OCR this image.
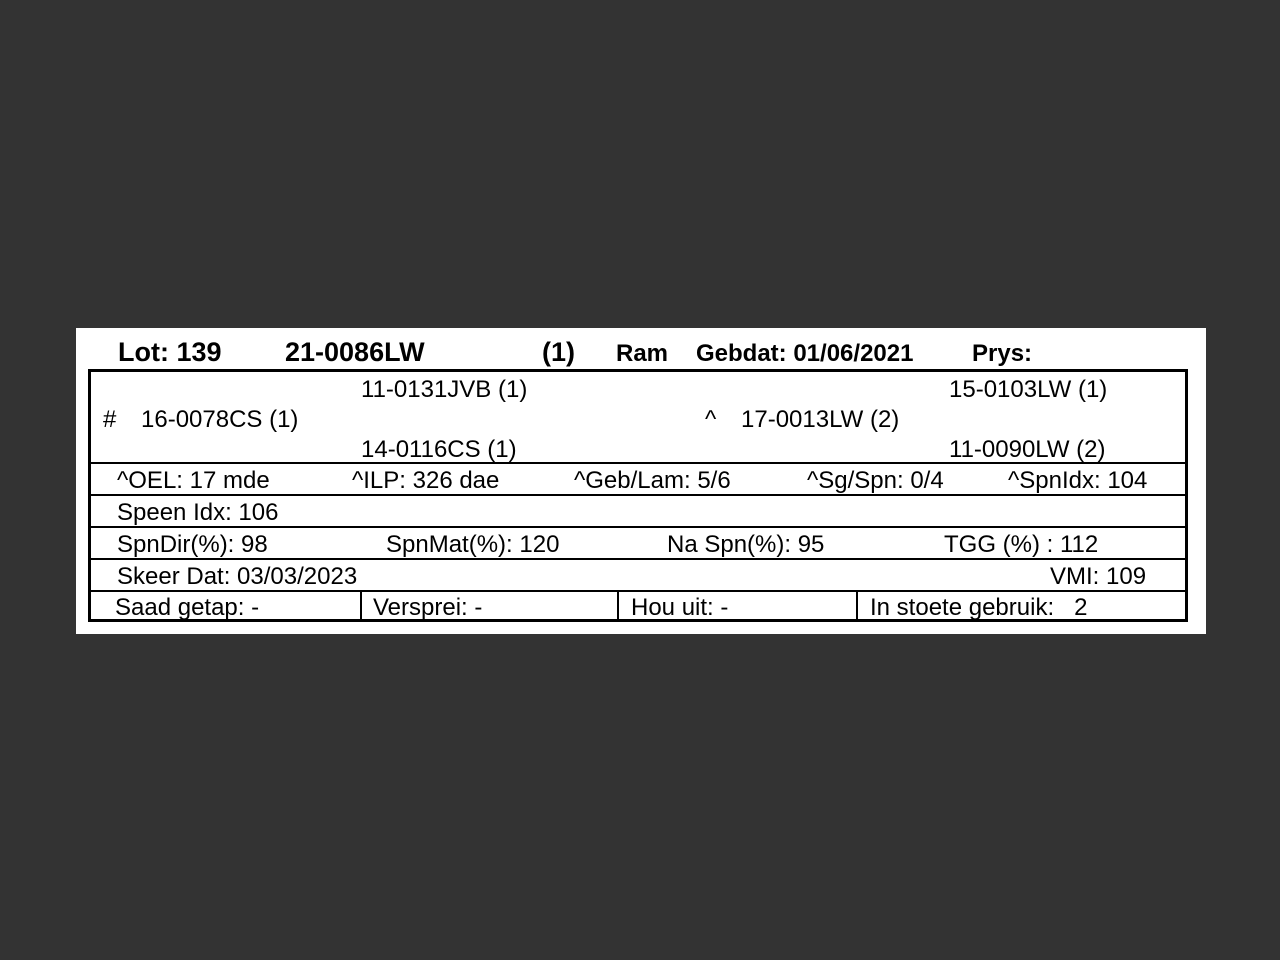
Lot: 139 21-0086LW	(1) Ram Gebdat: 01/06/2021 Prys:
11-0131JVB (1)	15-0103LW (1)
# 16-0078CS (1)	^ 17-0013LW (2)
14-0116CS (1)	11-0090LW (2)
^OEL: 17 mde	^ILP: 326 dae	^Geb/Lam: 5/6	^Sg/Spn: 0/4	^SpnIdx: 104
Speen Idx: 106
SpnDir(%): 98	SpnMat(%): 120	Na Spn(%): 95	TGG (%) : 112
Skeer Dat: 03/03/2023	VMI: 109
Saad getap: -	Versprei: -	Hou uit: -	In stoete gebruik:   2
